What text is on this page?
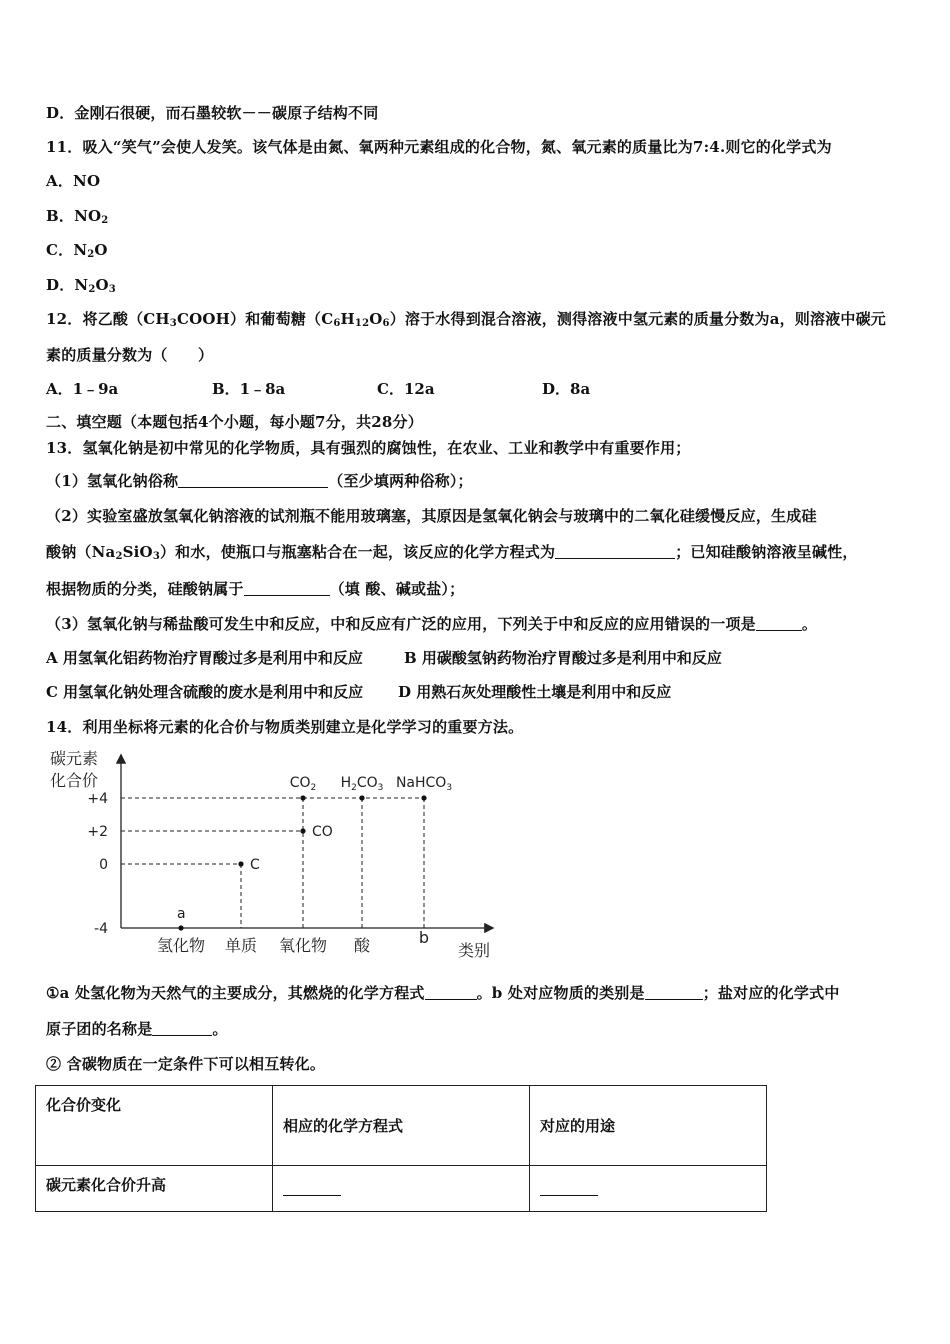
D．金刚石很硬，而石墨较软－－碳原子结构不同
11．吸入“笑气”会使人发笑。该气体是由氮、氧两种元素组成的化合物，氮、氧元素的质量比为7:4.则它的化学式为
A．NO
B．$NO_2$
C．$N_2O$
D．$N_2O_3$
12．将乙酸$(CH_3COOH)$和葡萄糖$(C_6H_{12}O_6)$溶于水得到混合溶液，测得溶液中氢元素的质量分数为a，则溶液中碳元
素的质量分数为（　　）
A．1﹣9a	B．1﹣8a	C．12a	D．8a
二、填空题（本题包括4个小题，每小题7分，共28分）
13．氢氧化钠是初中常见的化学物质，具有强烈的腐蚀性，在农业、工业和教学中有重要作用；
（1）氢氧化钠俗称	（至少填两种俗称）；
（2）实验室盛放氢氧化钠溶液的试剂瓶不能用玻璃塞，其原因是氢氧化钠会与玻璃中的二氧化硅缓慢反应，生成硅
酸钠$(Na_2SiO_3)$和水，使瓶口与瓶塞粘合在一起，该反应的化学方程式为	；已知硅酸钠溶液呈碱性，
根据物质的分类，硅酸钠属于	（填 酸、碱或盐）；
（3）氢氧化钠与稀盐酸可发生中和反应，中和反应有广泛的应用，下列关于中和反应的应用错误的一项是	。
A 用氢氧化铝药物治疗胃酸过多是利用中和反应	B 用碳酸氢钠药物治疗胃酸过多是利用中和反应
C 用氢氧化钠处理含硫酸的废水是利用中和反应 D 用熟石灰处理酸性土壤是利用中和反应
14．利用坐标将元素的化合价与物质类别建立是化学学习的重要方法。
碳元素
化合价
类别
+4
+2
0
-4
氢化物 单质 氧化物 酸	b
a
C
CO
$CO_2$ $H_2CO_3$ NaHCO$_3$
①a 处氢化物为天然气的主要成分，其燃烧的化学方程式	。b 处对应物质的类别是	；盐对应的化学式中
原子团的名称是	。
② 含碳物质在一定条件下可以相互转化。
化合价变化	相应的化学方程式	对应的用途
碳元素化合价升高		
